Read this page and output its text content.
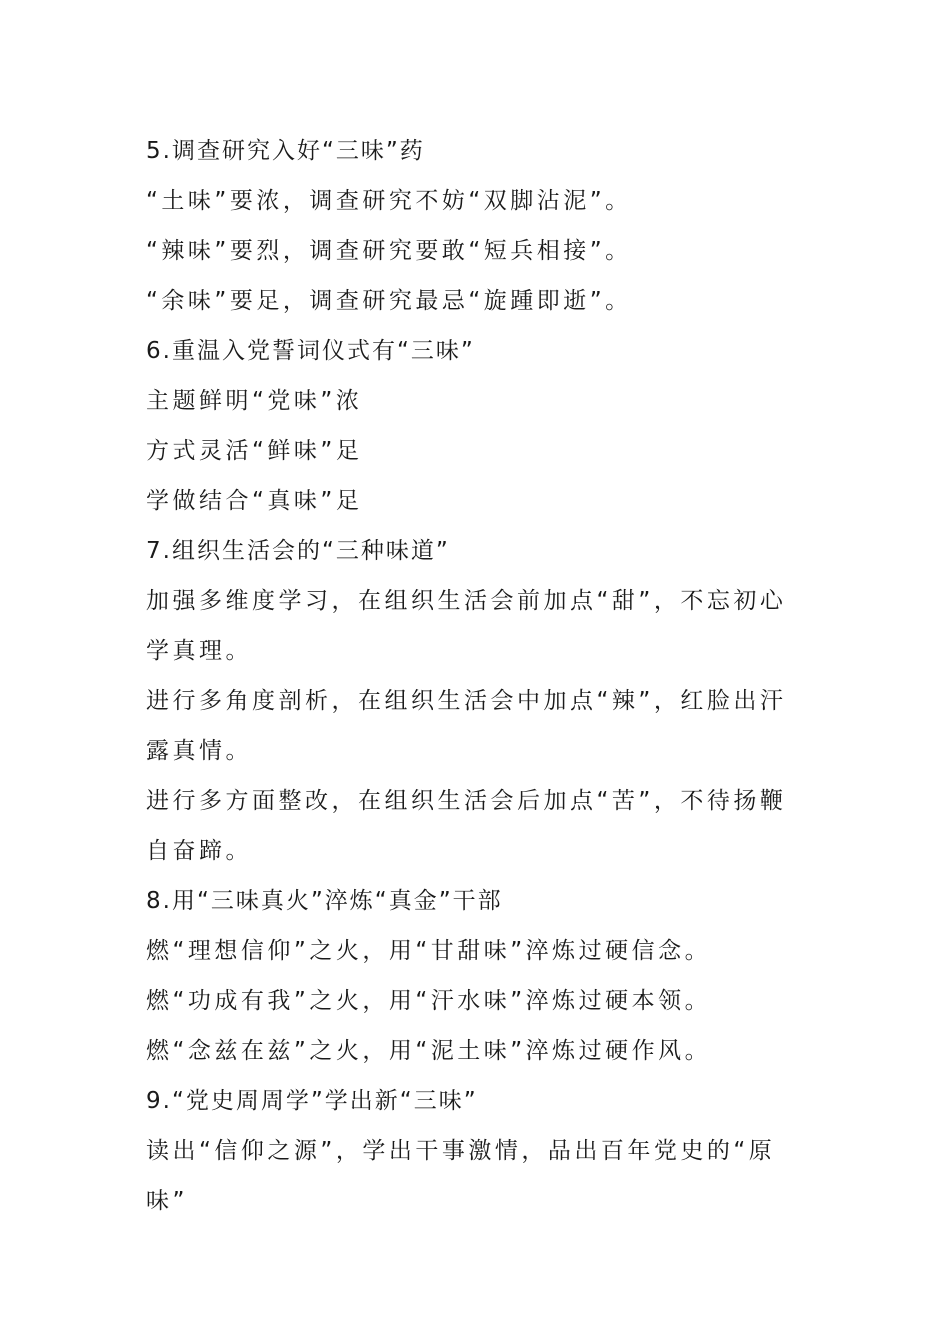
5.调查研究入好“三味”药
“土味”要浓，调查研究不妨“双脚沾泥”。
“辣味”要烈，调查研究要敢“短兵相接”。
“余味”要足，调查研究最忌“旋踵即逝”。
6.重温入党誓词仪式有“三味”
主题鲜明“党味”浓
方式灵活“鲜味”足
学做结合“真味”足
7.组织生活会的“三种味道”
加强多维度学习，在组织生活会前加点“甜”，不忘初心
学真理。
进行多角度剖析，在组织生活会中加点“辣”，红脸出汗
露真情。
进行多方面整改，在组织生活会后加点“苦”，不待扬鞭
自奋蹄。
8.用“三味真火”淬炼“真金”干部
燃“理想信仰”之火，用“甘甜味”淬炼过硬信念。
燃“功成有我”之火，用“汗水味”淬炼过硬本领。
燃“念兹在兹”之火，用“泥土味”淬炼过硬作风。
9.“党史周周学”学出新“三味”
读出“信仰之源”，学出干事激情，品出百年党史的“原
味”
